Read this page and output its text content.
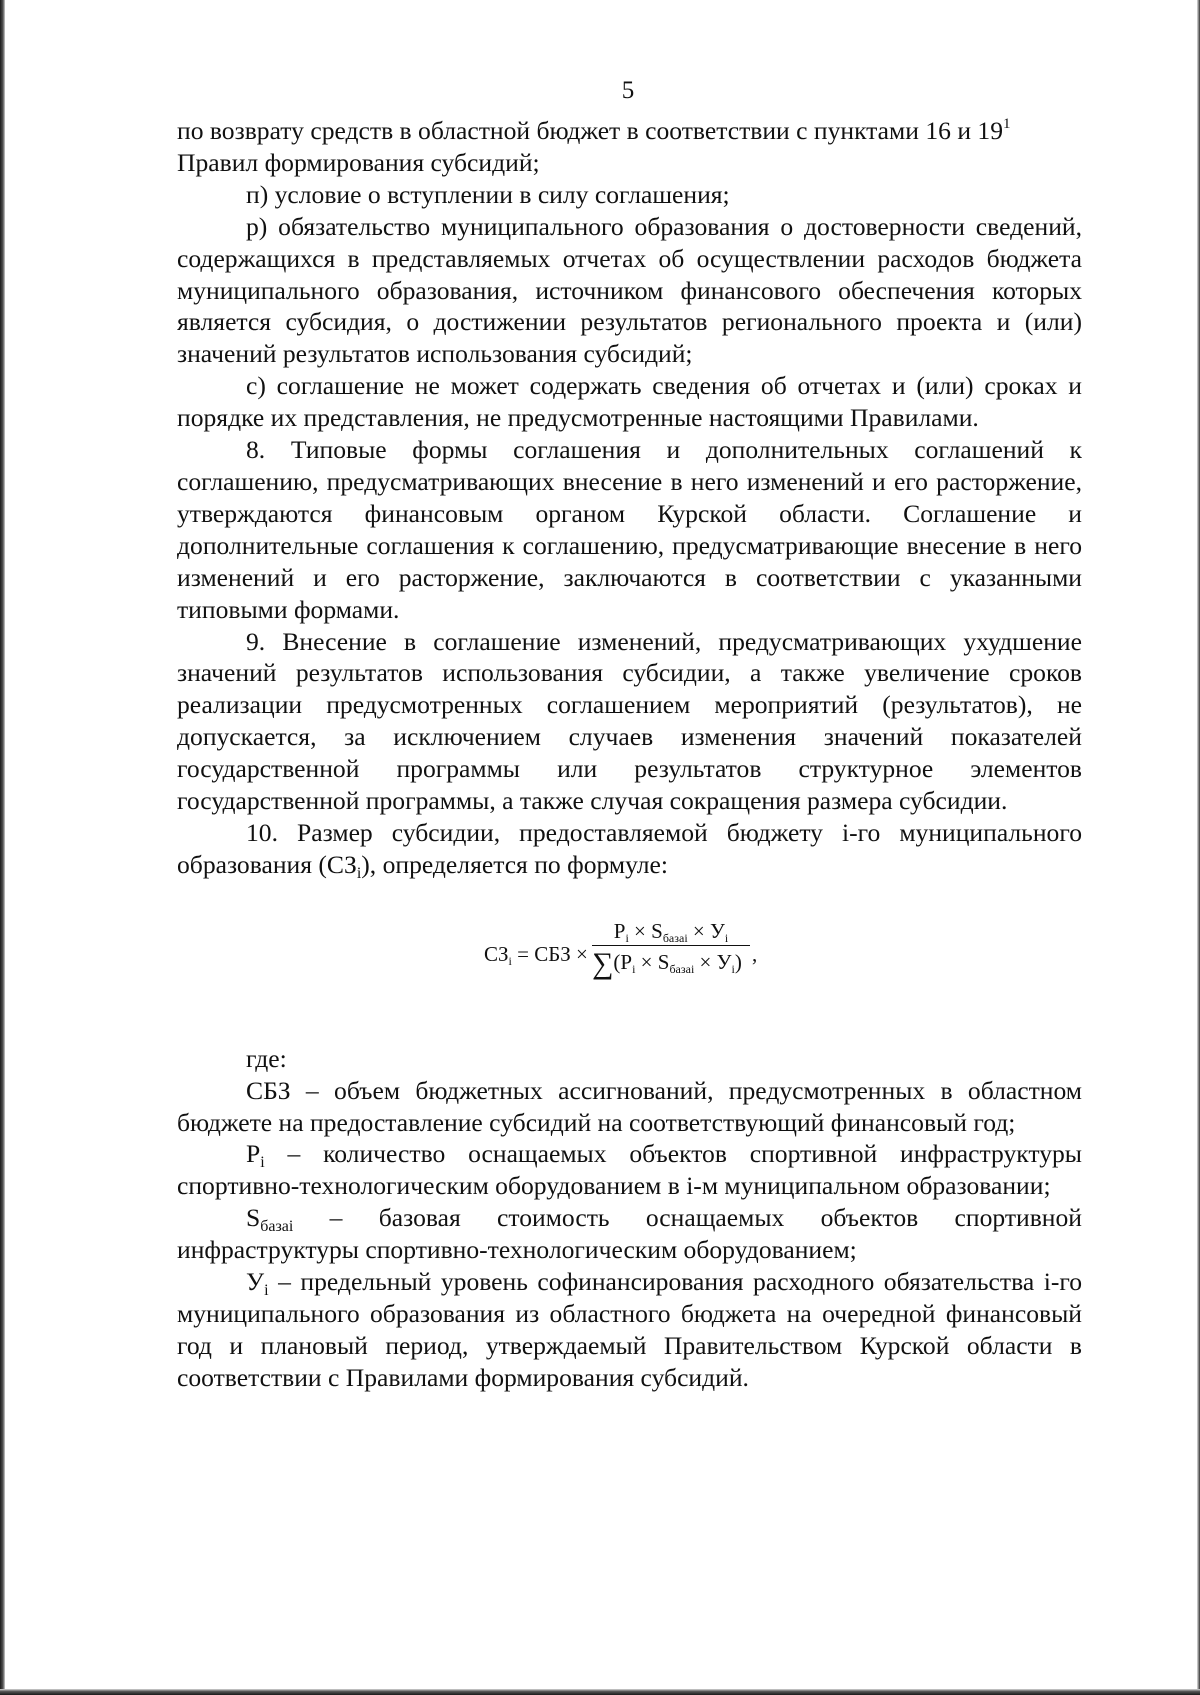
5

по возврату средств в областной бюджет в соответствии с пунктами 16 и $19^1$
Правил формирования субсидий;

п) условие о вступлении в силу соглашения;

р) обязательство муниципального образования о достоверности сведений, содержащихся в представляемых отчетах об осуществлении расходов бюджета муниципального образования, источником финансового обеспечения которых является субсидия, о достижении результатов регионального проекта и (или) значений результатов использования субсидий;

с) соглашение не может содержать сведения об отчетах и (или) сроках и порядке их представления, не предусмотренные настоящими Правилами.

8. Типовые формы соглашения и дополнительных соглашений к соглашению, предусматривающих внесение в него изменений и его расторжение, утверждаются финансовым органом Курской области. Соглашение и дополнительные соглашения к соглашению, предусматривающие внесение в него изменений и его расторжение, заключаются в соответствии с указанными типовыми формами.

9. Внесение в соглашение изменений, предусматривающих ухудшение значений результатов использования субсидии, а также увеличение сроков реализации предусмотренных соглашением мероприятий (результатов), не допускается, за исключением случаев изменения значений показателей государственной программы или результатов структурное элементов государственной программы, а также случая сокращения размера субсидии.

10. Размер субсидии, предоставляемой бюджету i-го муниципального образования $(СЗ_i)$, определяется по формуле:

$СЗ_i$ = СБЗ ×
$P_i \times S_{базаi} \times У_i$
$\sum(P_i \times S_{базаi} \times У_i)$ ,

где:

СБЗ – объем бюджетных ассигнований, предусмотренных в областном бюджете на предоставление субсидий на соответствующий финансовый год;

$P_i$ – количество оснащаемых объектов спортивной инфраструктуры спортивно-технологическим оборудованием в i-м муниципальном образовании;

$S_{базаi}$ – базовая стоимость оснащаемых объектов спортивной инфраструктуры спортивно-технологическим оборудованием;

$У_i$ – предельный уровень софинансирования расходного обязательства i-го муниципального образования из областного бюджета на очередной финансовый год и плановый период, утверждаемый Правительством Курской области в соответствии с Правилами формирования субсидий.
